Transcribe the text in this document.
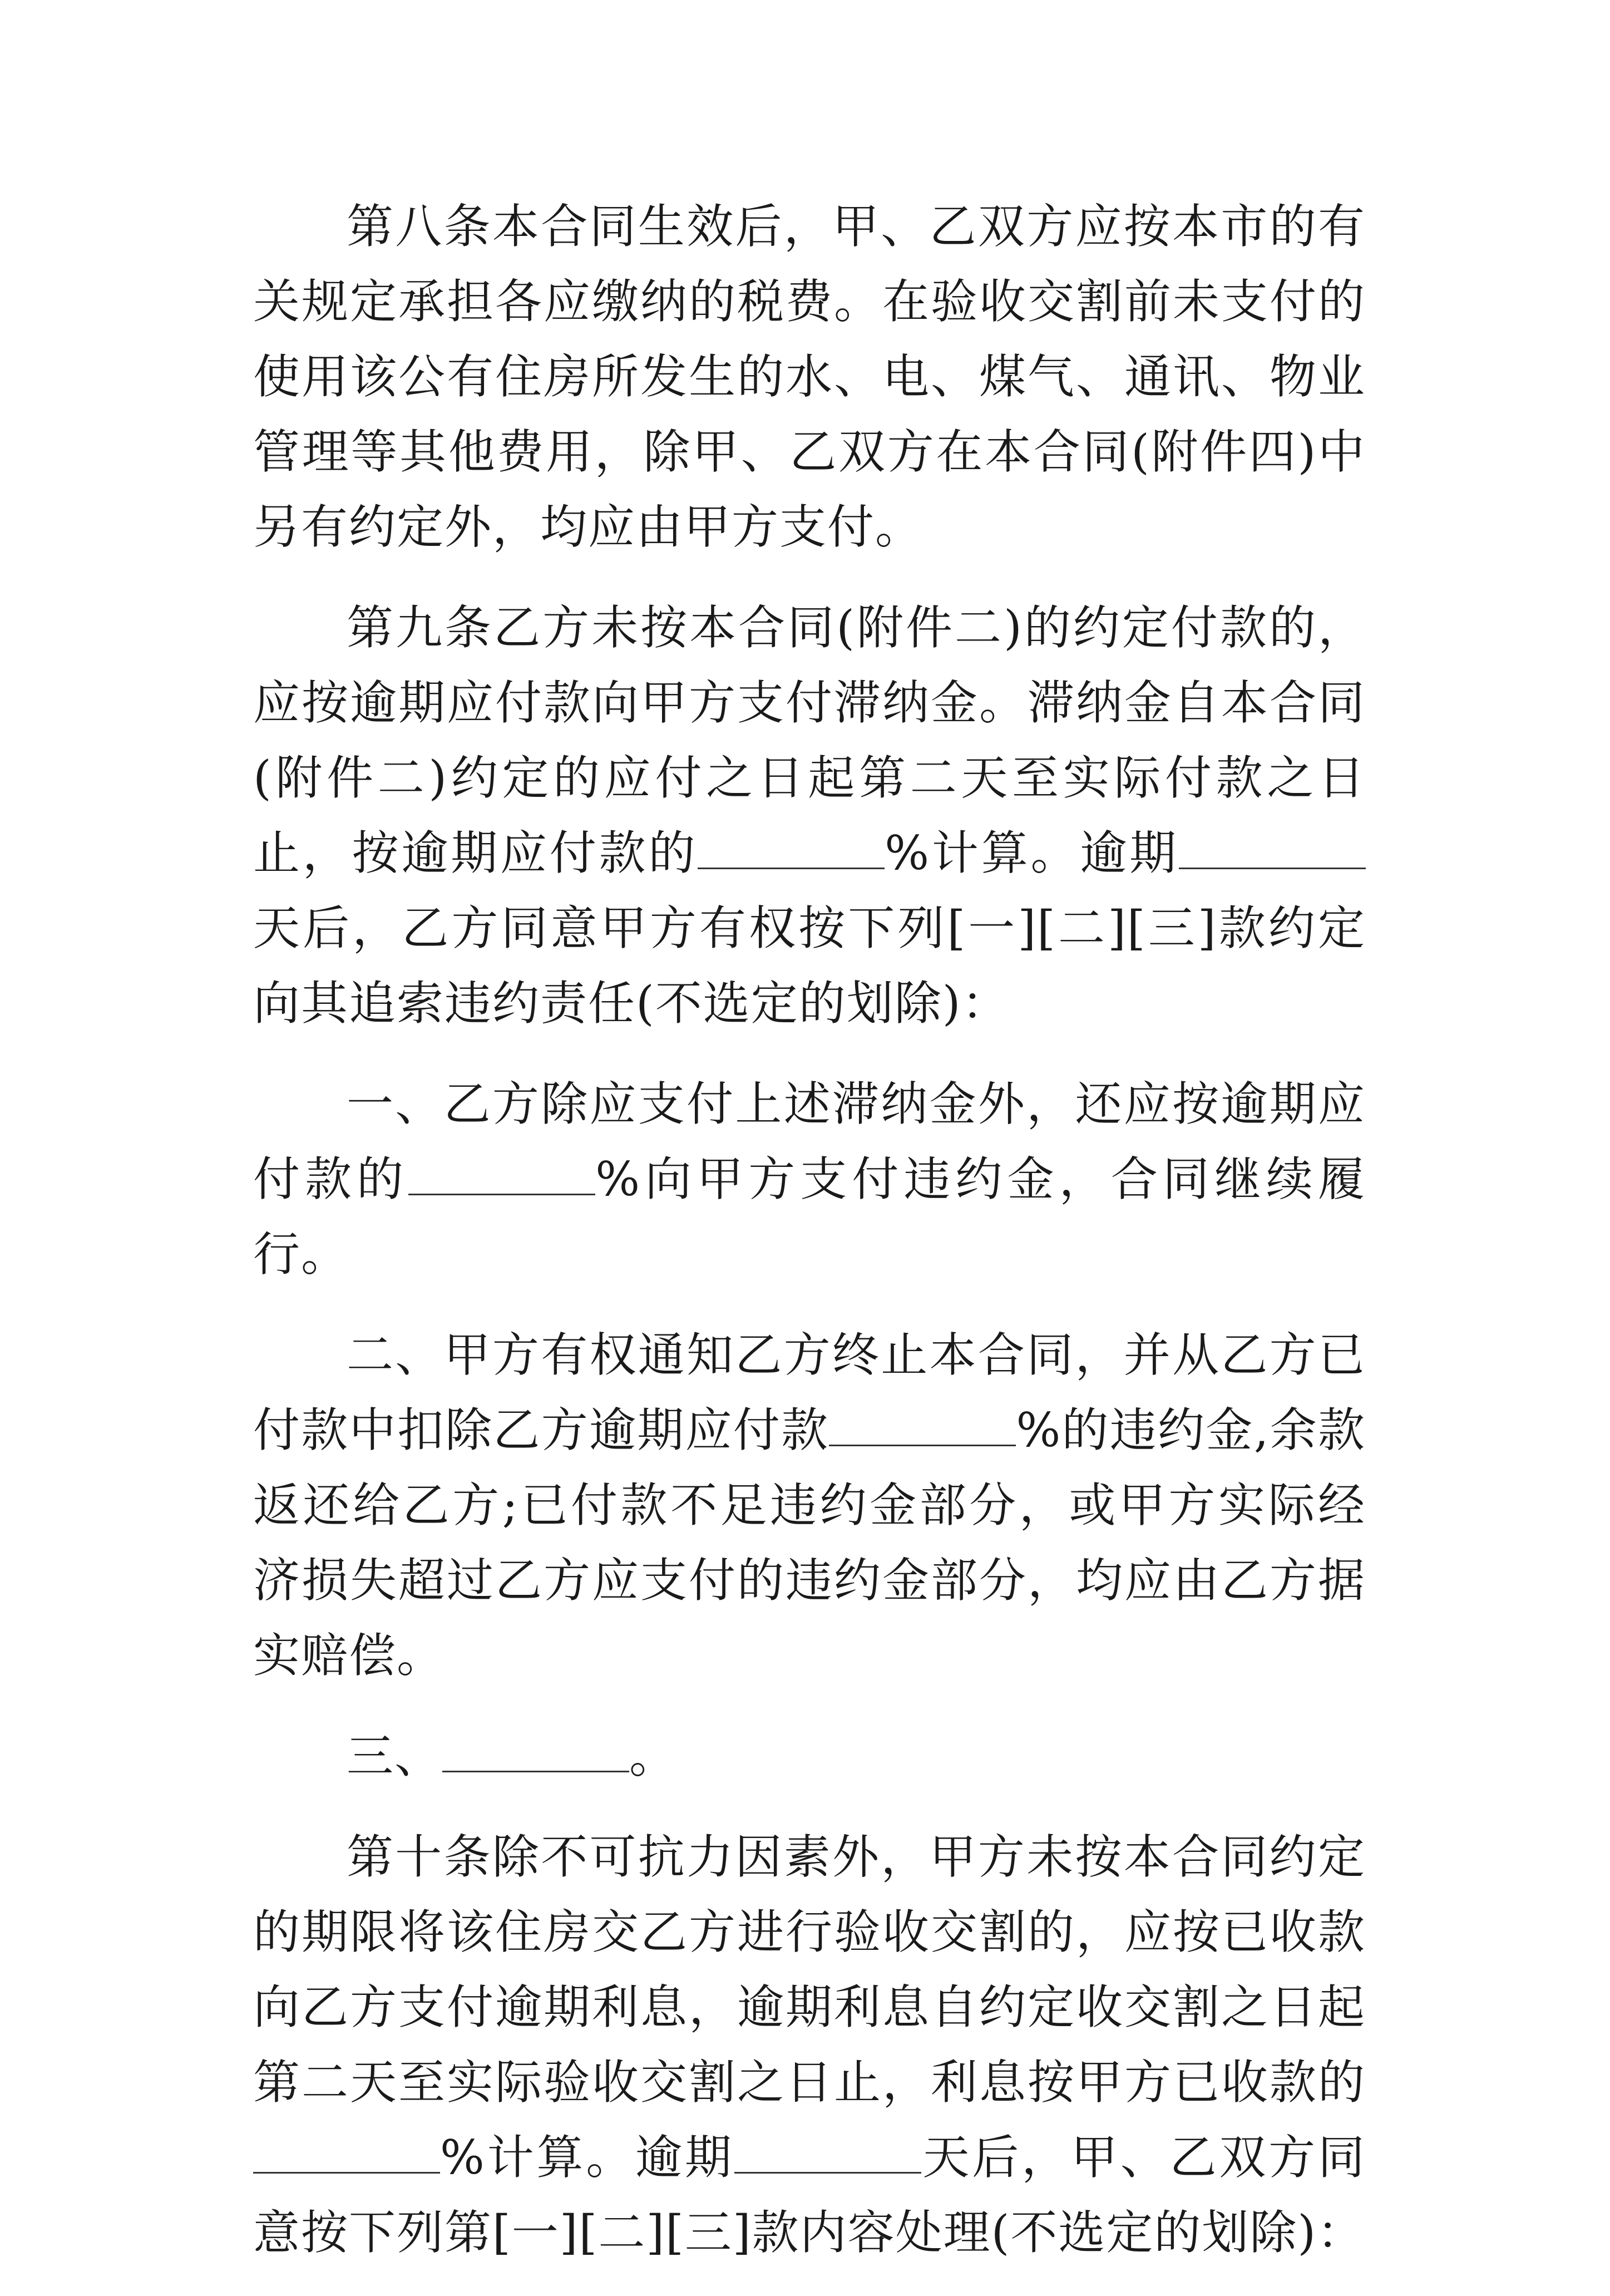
第八条本合同生效后，甲、乙双方应按本市的有关规定承担各应缴纳的税费。在验收交割前未支付的使用该公有住房所发生的水、电、煤气、通讯、物业管理等其他费用，除甲、乙双方在本合同(附件四)中另有约定外，均应由甲方支付。

第九条乙方未按本合同(附件二)的约定付款的，应按逾期应付款向甲方支付滞纳金。滞纳金自本合同(附件二)约定的应付之日起第二天至实际付款之日止，按逾期应付款的	%计算。逾期天后，乙方同意甲方有权按下列[一][二][三]款约定向其追索违约责任(不选定的划除)：

一、乙方除应支付上述滞纳金外，还应按逾期应付款的	%向甲方支付违约金，合同继续履行。

二、甲方有权通知乙方终止本合同，并从乙方已付款中扣除乙方逾期应付款	%的违约金,余款返还给乙方;已付款不足违约金部分，或甲方实际经济损失超过乙方应支付的违约金部分，均应由乙方据实赔偿。

三、	。

第十条除不可抗力因素外，甲方未按本合同约定的期限将该住房交乙方进行验收交割的，应按已收款向乙方支付逾期利息，逾期利息自约定收交割之日起第二天至实际验收交割之日止，利息按甲方已收款的%计算。逾期	天后，甲、乙双方同意按下列第[一][二][三]款内容处理(不选定的划除)：
